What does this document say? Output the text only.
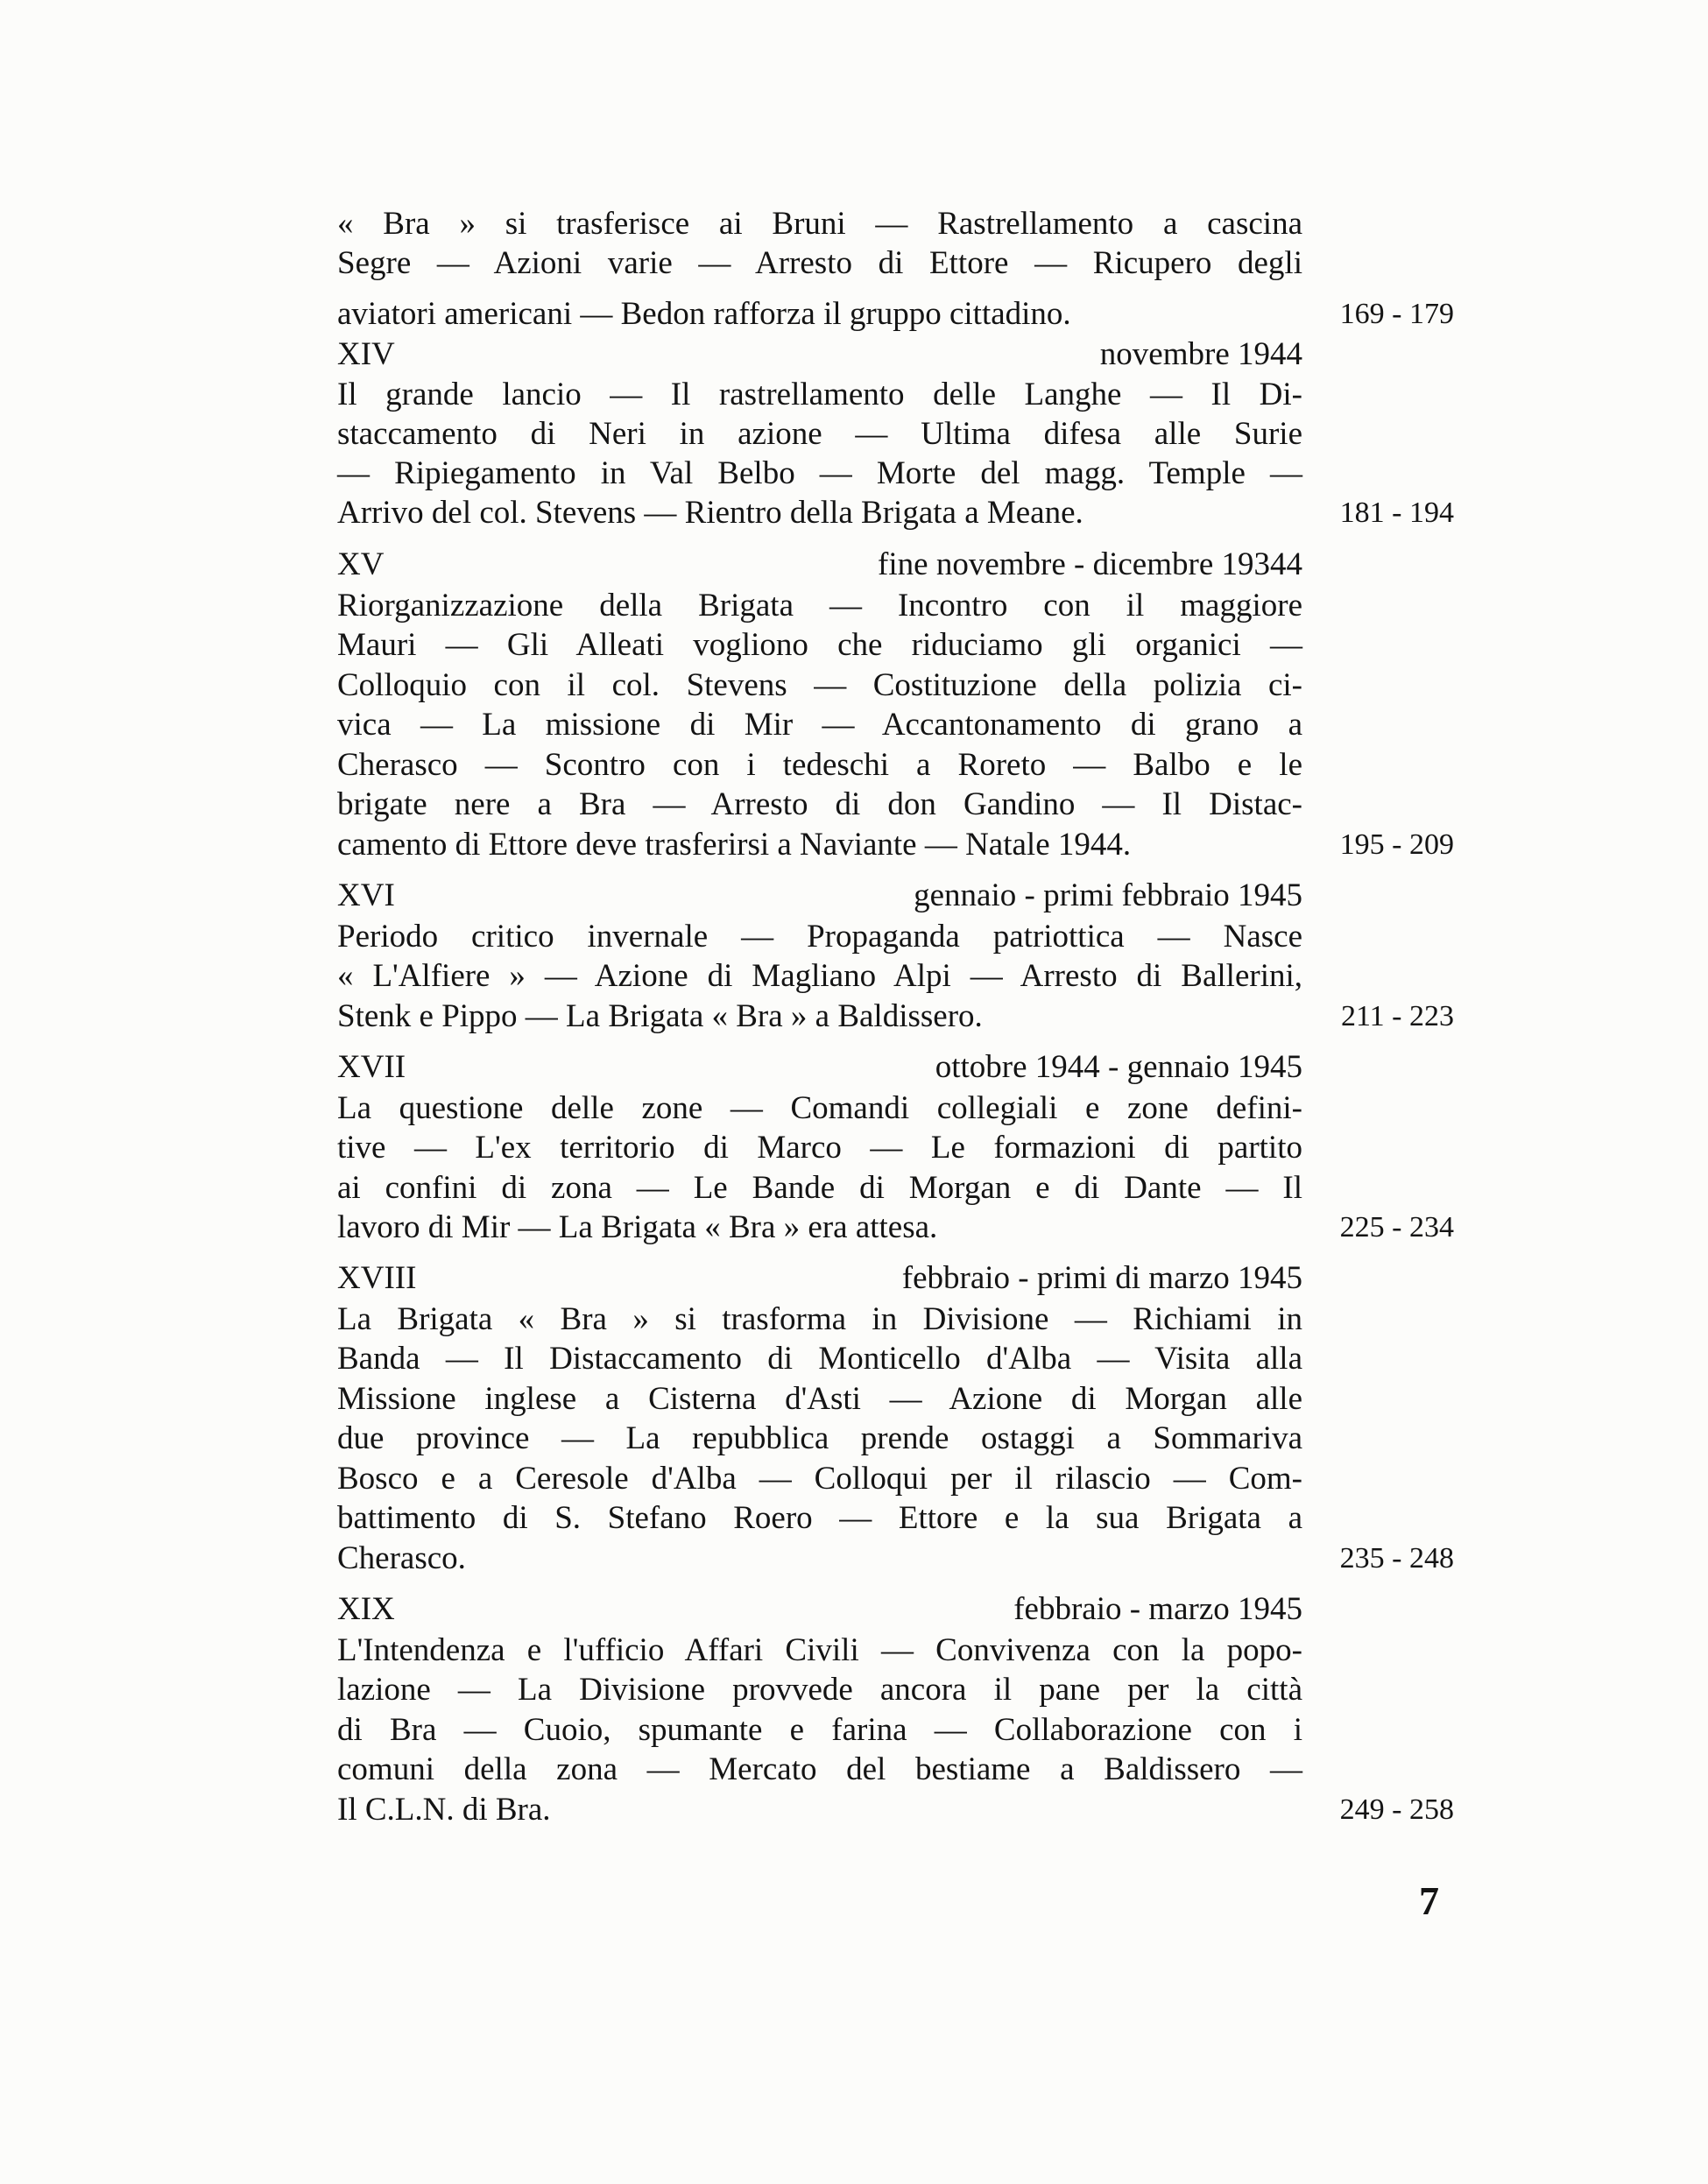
« Bra » si trasferisce ai Bruni — Rastrellamento a cascina
Segre — Azioni varie — Arresto di Ettore — Ricupero degli
aviatori americani — Bedon rafforza il gruppo cittadino.	169 - 179
XIV	novembre 1944
Il grande lancio — Il rastrellamento delle Langhe — Il Di-
staccamento di Neri in azione — Ultima difesa alle Surie
— Ripiegamento in Val Belbo — Morte del magg. Temple —
Arrivo del col. Stevens — Rientro della Brigata a Meane.	181 - 194
XV	fine novembre - dicembre 19344
Riorganizzazione della Brigata — Incontro con il maggiore
Mauri — Gli Alleati vogliono che riduciamo gli organici —
Colloquio con il col. Stevens — Costituzione della polizia ci-
vica — La missione di Mir — Accantonamento di grano a
Cherasco — Scontro con i tedeschi a Roreto — Balbo e le
brigate nere a Bra — Arresto di don Gandino — Il Distac-
camento di Ettore deve trasferirsi a Naviante — Natale 1944.	195 - 209
XVI	gennaio - primi febbraio 1945
Periodo critico invernale — Propaganda patriottica — Nasce
« L'Alfiere » — Azione di Magliano Alpi — Arresto di Ballerini,
Stenk e Pippo — La Brigata « Bra » a Baldissero.	211 - 223
XVII	ottobre 1944 - gennaio 1945
La questione delle zone — Comandi collegiali e zone defini-
tive — L'ex territorio di Marco — Le formazioni di partito
ai confini di zona — Le Bande di Morgan e di Dante — Il
lavoro di Mir — La Brigata « Bra » era attesa.	225 - 234
XVIII	febbraio - primi di marzo 1945
La Brigata « Bra » si trasforma in Divisione — Richiami in
Banda — Il Distaccamento di Monticello d'Alba — Visita alla
Missione inglese a Cisterna d'Asti — Azione di Morgan alle
due province — La repubblica prende ostaggi a Sommariva
Bosco e a Ceresole d'Alba — Colloqui per il rilascio — Com-
battimento di S. Stefano Roero — Ettore e la sua Brigata a
Cherasco.	235 - 248
XIX	febbraio - marzo 1945
L'Intendenza e l'ufficio Affari Civili — Convivenza con la popo-
lazione — La Divisione provvede ancora il pane per la città
di Bra — Cuoio, spumante e farina — Collaborazione con i
comuni della zona — Mercato del bestiame a Baldissero —
Il C.L.N. di Bra.	249 - 258
7
